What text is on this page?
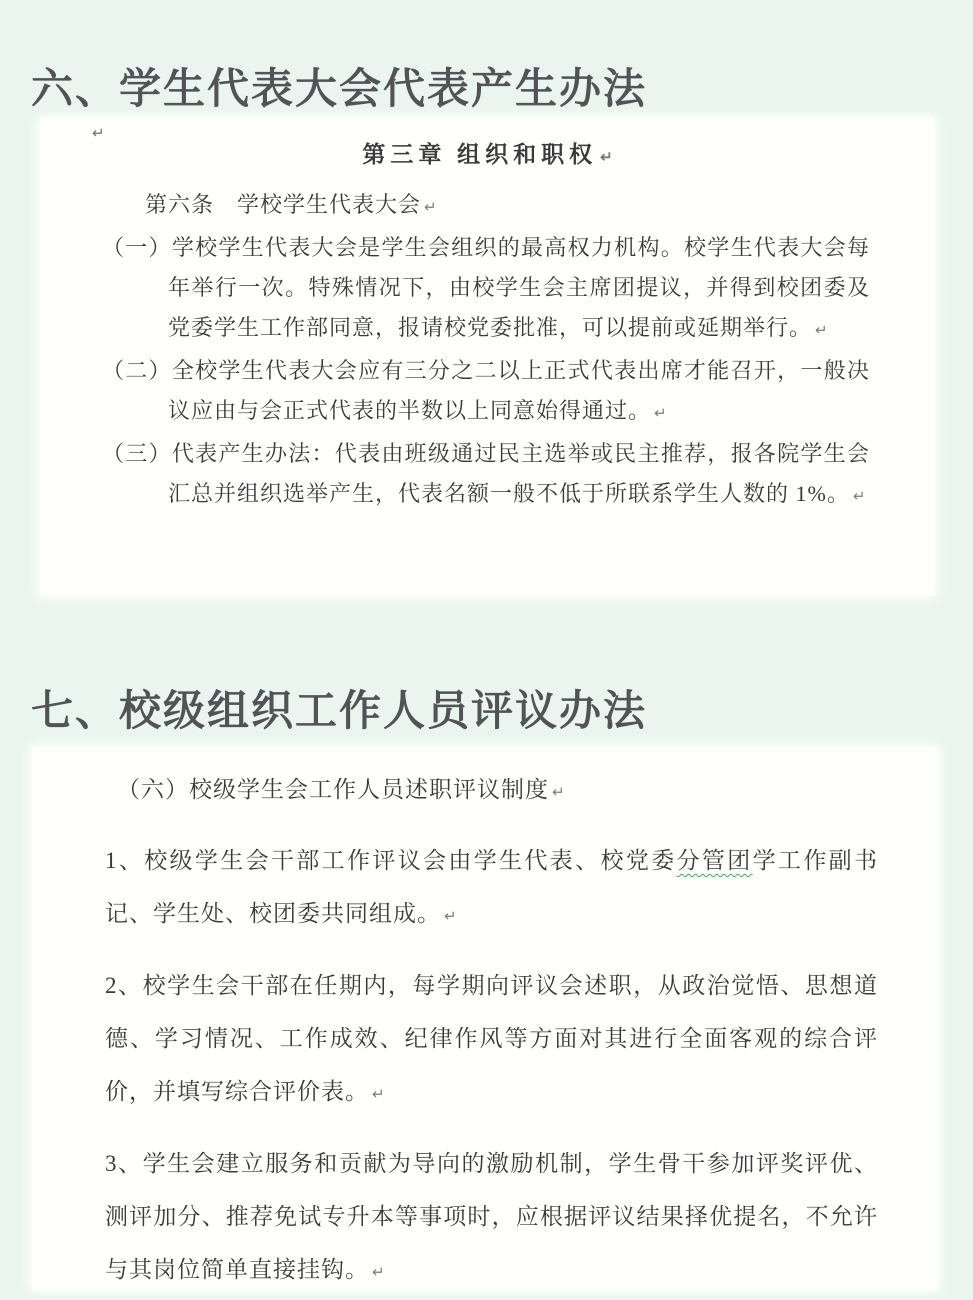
六、学生代表大会代表产生办法
↵
第三章 组织和职权 ↵
第六条　学校学生代表大会 ↵
（一）学校学生代表大会是学生会组织的最高权力机构。校学生代表大会每年举行一次。特殊情况下，由校学生会主席团提议，并得到校团委及党委学生工作部同意，报请校党委批准，可以提前或延期举行。 ↵
（二）全校学生代表大会应有三分之二以上正式代表出席才能召开，一般决议应由与会正式代表的半数以上同意始得通过。 ↵
（三）代表产生办法：代表由班级通过民主选举或民主推荐，报各院学生会汇总并组织选举产生，代表名额一般不低于所联系学生人数的 1%。 ↵
七、校级组织工作人员评议办法
（六）校级学生会工作人员述职评议制度 ↵
1、校级学生会干部工作评议会由学生代表、校党委分管团学工作副书记、学生处、校团委共同组成。 ↵
2、校学生会干部在任期内，每学期向评议会述职，从政治觉悟、思想道德、学习情况、工作成效、纪律作风等方面对其进行全面客观的综合评价，并填写综合评价表。 ↵
3、学生会建立服务和贡献为导向的激励机制，学生骨干参加评奖评优、测评加分、推荐免试专升本等事项时，应根据评议结果择优提名，不允许与其岗位简单直接挂钩。 ↵
